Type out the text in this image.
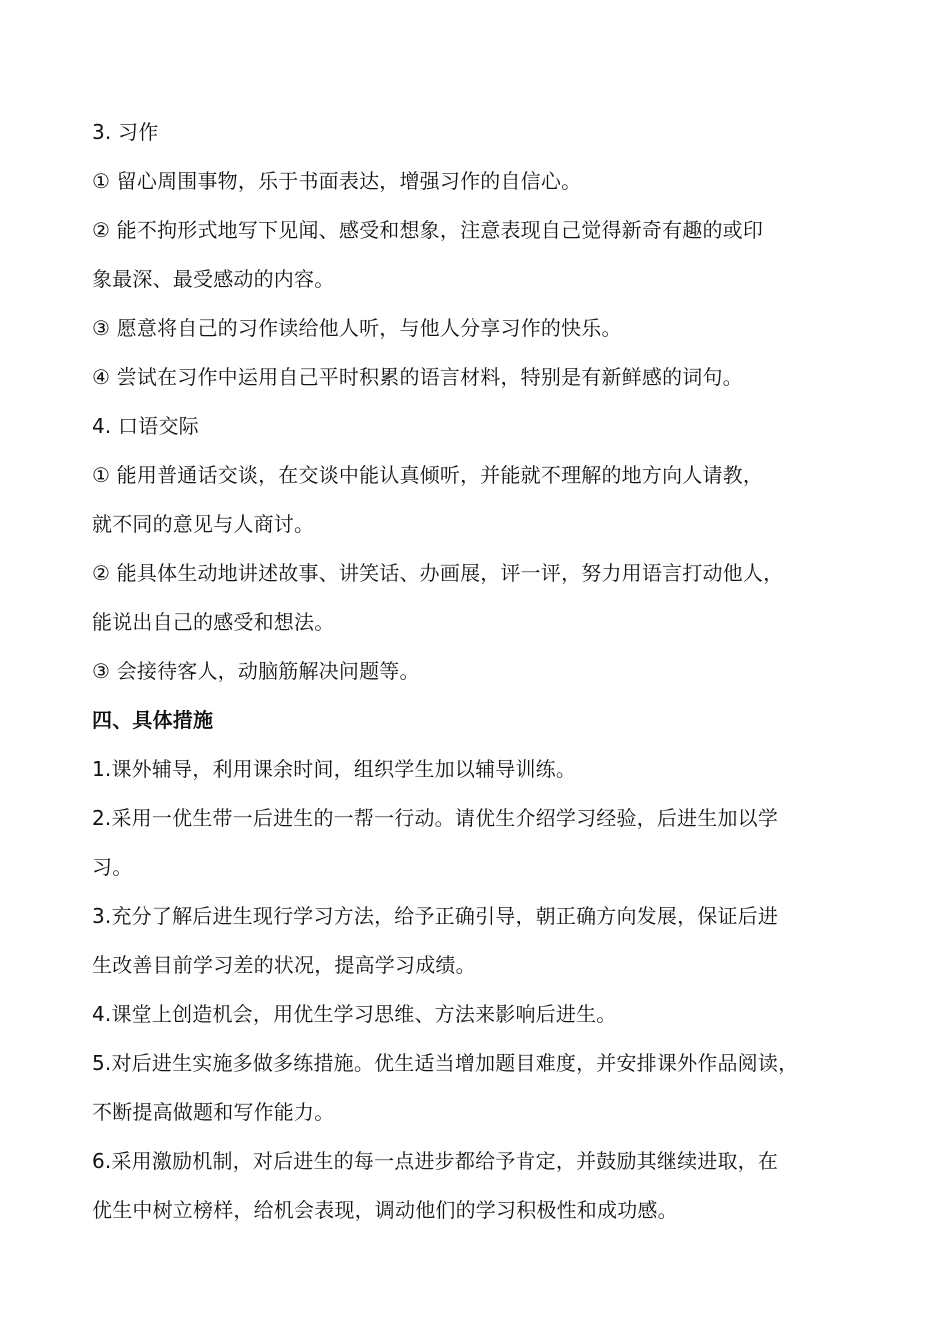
3. 习作
① 留心周围事物，乐于书面表达，增强习作的自信心。
② 能不拘形式地写下见闻、感受和想象，注意表现自己觉得新奇有趣的或印
象最深、最受感动的内容。
③ 愿意将自己的习作读给他人听，与他人分享习作的快乐。
④ 尝试在习作中运用自己平时积累的语言材料，特别是有新鲜感的词句。
4. 口语交际
① 能用普通话交谈，在交谈中能认真倾听，并能就不理解的地方向人请教，
就不同的意见与人商讨。
② 能具体生动地讲述故事、讲笑话、办画展，评一评，努力用语言打动他人，
能说出自己的感受和想法。
③ 会接待客人，动脑筋解决问题等。
四、具体措施
1.课外辅导，利用课余时间，组织学生加以辅导训练。
2.采用一优生带一后进生的一帮一行动。请优生介绍学习经验，后进生加以学
习。
3.充分了解后进生现行学习方法，给予正确引导，朝正确方向发展，保证后进
生改善目前学习差的状况，提高学习成绩。
4.课堂上创造机会，用优生学习思维、方法来影响后进生。
5.对后进生实施多做多练措施。优生适当增加题目难度，并安排课外作品阅读，
不断提高做题和写作能力。
6.采用激励机制，对后进生的每一点进步都给予肯定，并鼓励其继续进取，在
优生中树立榜样，给机会表现，调动他们的学习积极性和成功感。
